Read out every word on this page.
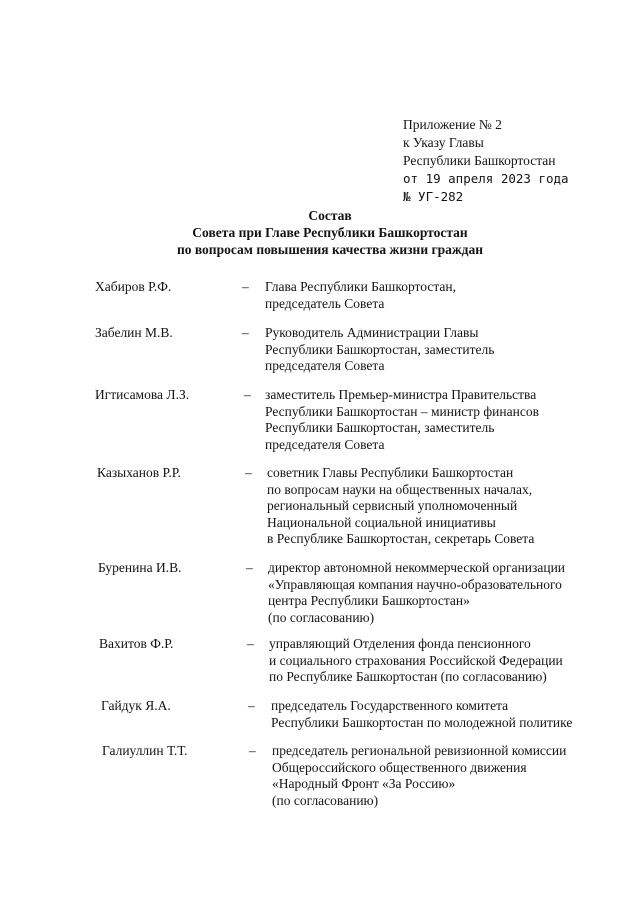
Приложение № 2
к Указу Главы
Республики Башкортостан
от 19 апреля 2023 года
№ УГ-282
Состав
Совета при Главе Республики Башкортостан
по вопросам повышения качества жизни граждан
Хабиров Р.Ф.	– Глава Республики Башкортостан,
председатель Совета
Забелин М.В.	– Руководитель Администрации Главы
Республики Башкортостан, заместитель
председателя Совета
Игтисамова Л.З.	– заместитель Премьер-министра Правительства
Республики Башкортостан – министр финансов
Республики Башкортостан, заместитель
председателя Совета
Казыханов Р.Р.	– советник Главы Республики Башкортостан
по вопросам науки на общественных началах,
региональный сервисный уполномоченный
Национальной социальной инициативы
в Республике Башкортостан, секретарь Совета
Буренина И.В.	– директор автономной некоммерческой организации
«Управляющая компания научно-образовательного
центра Республики Башкортостан»
(по согласованию)
Вахитов Ф.Р.	– управляющий Отделения фонда пенсионного
и социального страхования Российской Федерации
по Республике Башкортостан (по согласованию)
Гайдук Я.А.	– председатель Государственного комитета
Республики Башкортостан по молодежной политике
Галиуллин Т.Т.	– председатель региональной ревизионной комиссии
Общероссийского общественного движения
«Народный Фронт «За Россию»
(по согласованию)
